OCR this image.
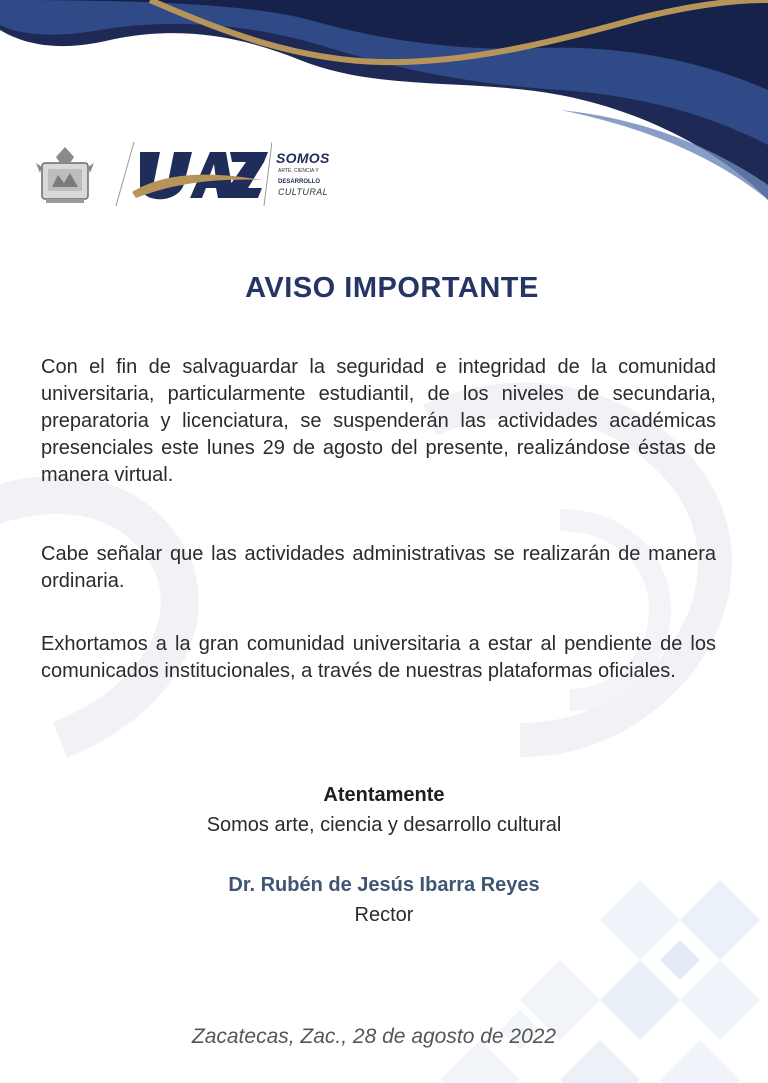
SOMOS
ARTE, CIENCIA Y
DESARROLLO
CULTURAL
AVISO IMPORTANTE

Con el fin de salvaguardar la seguridad e integridad de la comunidad universitaria, particularmente estudiantil, de los niveles de secundaria, preparatoria y licenciatura, se suspenderán las actividades académicas presenciales este lunes 29 de agosto del presente, realizándose éstas de manera virtual.

Cabe señalar que las actividades administrativas se realizarán de manera ordinaria.

Exhortamos a la gran comunidad universitaria a estar al pendiente de los comunicados institucionales, a través de nuestras plataformas oficiales.

Atentamente
Somos arte, ciencia y desarrollo cultural
Dr. Rubén de Jesús Ibarra Reyes
Rector
Zacatecas, Zac., 28 de agosto de 2022
